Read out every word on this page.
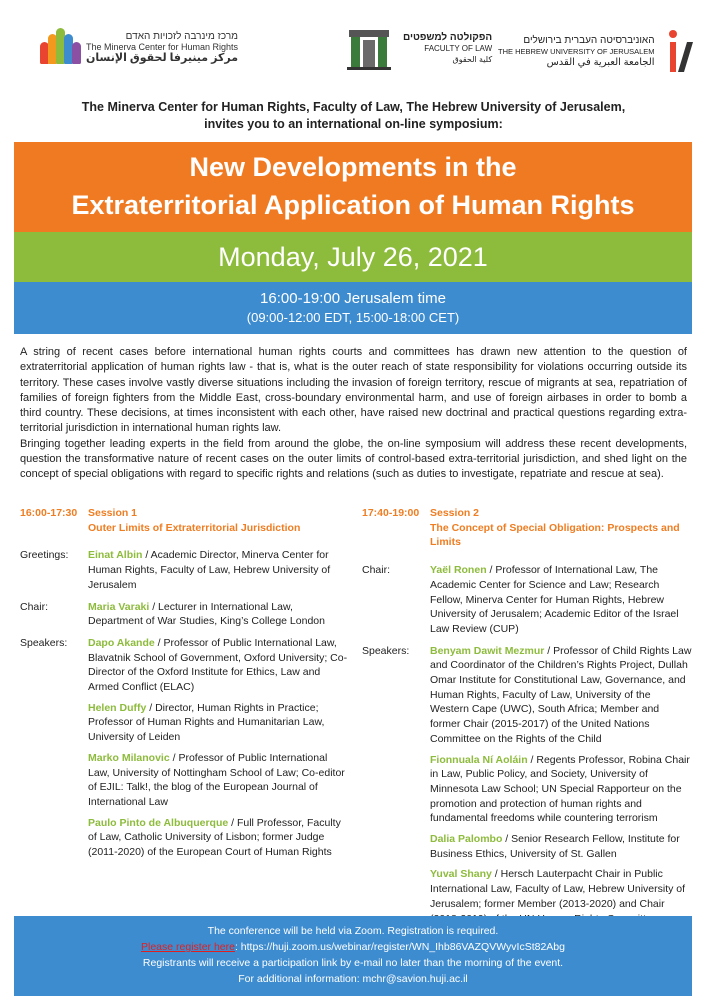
מרכז מינרבה לזכויות האדם
The Minerva Center for Human Rights
مركز مينيرفا لحقوق الإنسان
הפקולטה למשפטים
FACULTY OF LAW
كلية الحقوق
האוניברסיטה העברית בירושלים
THE HEBREW UNIVERSITY OF JERUSALEM
الجامعة العبرية في القدس
The Minerva Center for Human Rights, Faculty of Law, The Hebrew University of Jerusalem,
invites you to an international on-line symposium:
New Developments in the
Extraterritorial Application of Human Rights
Monday, July 26, 2021
16:00-19:00 Jerusalem time
(09:00-12:00 EDT, 15:00-18:00 CET)

A string of recent cases before international human rights courts and committees has drawn new attention to the question of extraterritorial application of human rights law - that is, what is the outer reach of state responsibility for violations occurring outside its territory. These cases involve vastly diverse situations including the invasion of foreign territory, rescue of migrants at sea, repatriation of families of foreign fighters from the Middle East, cross-boundary environmental harm, and use of foreign airbases in order to bomb a third country. These decisions, at times inconsistent with each other, have raised new doctrinal and practical questions regarding extra-territorial jurisdiction in international human rights law.

Bringing together leading experts in the field from around the globe, the on-line symposium will address these recent developments, question the transformative nature of recent cases on the outer limits of control-based extra-territorial jurisdiction, and shed light on the concept of special obligations with regard to specific rights and relations (such as duties to investigate, repatriate and rescue at sea).

16:00-17:30	Session 1
Outer Limits of Extraterritorial Jurisdiction
Greetings:	Einat Albin / Academic Director, Minerva Center for Human Rights, Faculty of Law, Hebrew University of Jerusalem
Chair:	Maria Varaki / Lecturer in International Law, Department of War Studies, King’s College London
Speakers:	Dapo Akande / Professor of Public International Law, Blavatnik School of Government, Oxford University; Co-Director of the Oxford Institute for Ethics, Law and Armed Conflict (ELAC)
Helen Duffy / Director, Human Rights in Practice; Professor of Human Rights and Humanitarian Law, University of Leiden
Marko Milanovic / Professor of Public International Law, University of Nottingham School of Law; Co-editor of EJIL: Talk!, the blog of the European Journal of International Law
Paulo Pinto de Albuquerque / Full Professor, Faculty of Law, Catholic University of Lisbon; former Judge (2011-2020) of the European Court of Human Rights
17:40-19:00	Session 2
The Concept of Special Obligation: Prospects and Limits
Chair:	Yaël Ronen / Professor of International Law, The Academic Center for Science and Law; Research Fellow, Minerva Center for Human Rights, Hebrew University of Jerusalem; Academic Editor of the Israel Law Review (CUP)
Speakers:	Benyam Dawit Mezmur / Professor of Child Rights Law and Coordinator of the Children’s Rights Project, Dullah Omar Institute for Constitutional Law, Governance, and Human Rights, Faculty of Law, University of the Western Cape (UWC), South Africa; Member and former Chair (2015-2017) of the United Nations Committee on the Rights of the Child
Fionnuala Ní Aoláin / Regents Professor, Robina Chair in Law, Public Policy, and Society, University of Minnesota Law School; UN Special Rapporteur on the promotion and protection of human rights and fundamental freedoms while countering terrorism
Dalia Palombo / Senior Research Fellow, Institute for Business Ethics, University of St. Gallen
Yuval Shany / Hersch Lauterpacht Chair in Public International Law, Faculty of Law, Hebrew University of Jerusalem; former Member (2013-2020) and Chair
The conference will be held via Zoom. Registration is required.
Please register here: https://huji.zoom.us/webinar/register/WN_Ihb86VAZQVWyvIcSt82Abg
Registrants will receive a participation link by e-mail no later than the morning of the event.
For additional information: mchr@savion.huji.ac.il
